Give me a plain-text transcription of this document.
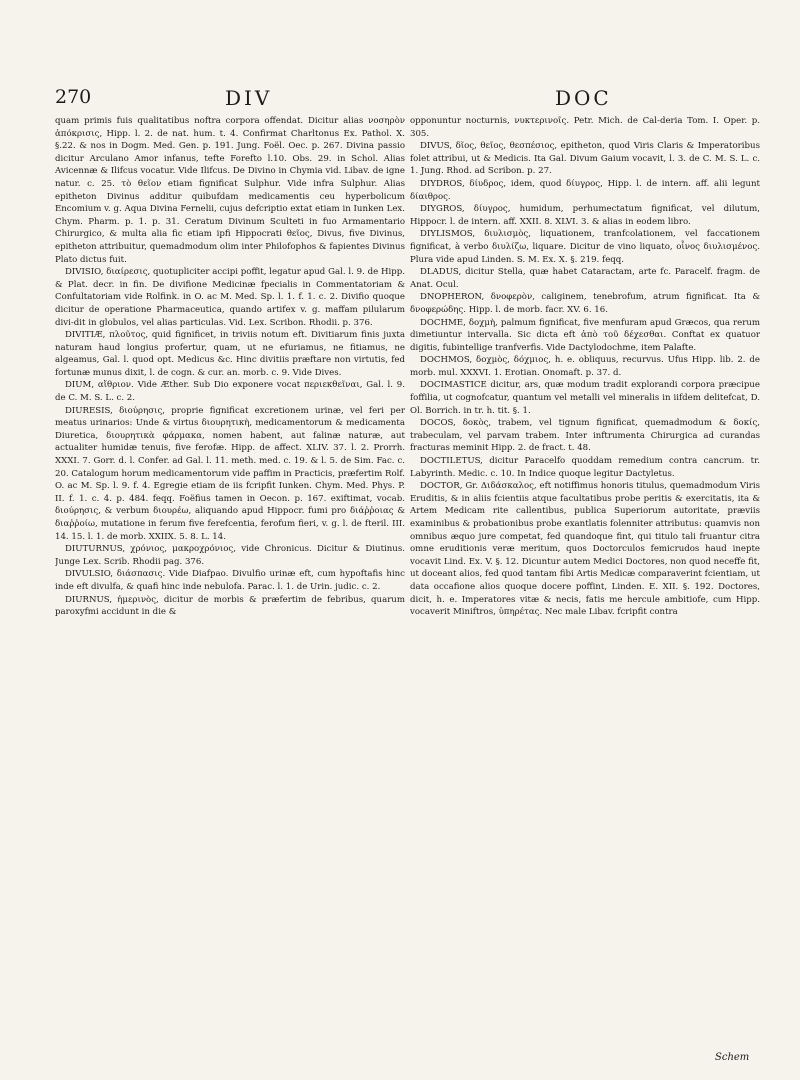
270	DIV	DOC

quam primis fuis qualitatibus noftra corpora offendat. Dicitur alias νοσηρὸν ἀπόκρισις, Hipp. l. 2. de nat. hum. t. 4. Confirmat Charltonus Ex. Pathol. X. §.22. & nos in Dogm. Med. Gen. p. 191. Jung. Foël. Oec. p. 267. Divina passio dicitur Arculano Amor infanus, tefte Forefto l.10. Obs. 29. in Schol. Alias Avicennæ & Ilifcus vocatur. Vide Ilifcus. De Divino in Chymia vid. Libav. de igne natur. c. 25. τὸ θεῖον etiam fignificat Sulphur. Vide infra Sulphur. Alias epitheton Divinus additur quibufdam medicamentis ceu hyperbolicum Encomium v. g. Aqua Divina Fernelii, cujus defcriptio extat etiam in Iunken Lex. Chym. Pharm. p. 1. p. 31. Ceratum Divinum Sculteti in fuo Armamentario Chirurgico, & multa alia fic etiam ipfi Hippocrati θεῖος, Divus, five Divinus, epitheton attribuitur, quemadmodum olim inter Philofophos & fapientes Divinus Plato dictus fuit.

DIVISIO, διαίρεσις, quotupliciter accipi poffit, legatur apud Gal. l. 9. de Hipp. & Plat. decr. in fin. De divifione Medicinæ fpecialis in Commentatoriam & Confultatoriam vide Rolfink. in O. ac M. Med. Sp. l. 1. f. 1. c. 2. Divifio quoque dicitur de operatione Pharmaceutica, quando artifex v. g. maffam pilularum divi-dit in globulos, vel alias particulas. Vid. Lex. Scribon. Rhodii. p. 376.

DIVITIÆ, πλοῦτος, quid fignificet, in triviis notum eft. Divitiarum finis juxta naturam haud longius profertur, quam, ut ne efuriamus, ne fitiamus, ne algeamus, Gal. l. quod opt. Medicus &c. Hinc divitiis præftare non virtutis, fed fortunæ munus dixit, l. de cogn. & cur. an. morb. c. 9. Vide Dives.

DIUM, αἴθριον. Vide Æther. Sub Dio exponere vocat περιεκθεῖναι, Gal. l. 9. de C. M. S. L. c. 2.

DIURESIS, διούρησις, proprie fignificat excretionem urinæ, vel feri per meatus urinarios: Unde & virtus διουρητικὴ, medicamentorum & medicamenta Diuretica, διουρητικὰ φάρμακα, nomen habent, aut falinæ naturæ, aut actualiter humidæ tenuis, five ferofæ. Hipp. de affect. XLIV. 37. l. 2. Prorrh. XXXI. 7. Gorr. d. l. Confer. ad Gal. l. 11. meth. med. c. 19. & l. 5. de Sim. Fac. c. 20. Catalogum horum medicamentorum vide paffim in Practicis, præfertim Rolf. O. ac M. Sp. l. 9. f. 4. Egregie etiam de iis fcripfit Iunken. Chym. Med. Phys. P. II. f. 1. c. 4. p. 484. feqq. Foëfius tamen in Oecon. p. 167. exiftimat, vocab. διούρησις, & verbum διουρέω, aliquando apud Hippocr. fumi pro διάῤῥοιας & διαῤῥοίω, mutatione in ferum five ferefcentia, ferofum fieri, v. g. l. de fteril. III. 14. 15. l. 1. de morb. XXIIX. 5. 8. L. 14.

DIUTURNUS, χρόνιος, μακροχρόνιος, vide Chronicus. Dicitur & Diutinus. Junge Lex. Scrib. Rhodii pag. 376.

DIVULSIO, διάσπασις. Vide Diafpao. Divulfio urinæ eft, cum hypoftafis hinc inde eft divulfa, & quafi hinc inde nebulofa. Parac. l. 1. de Urin. judic. c. 2.

DIURNUS, ἡμερινὸς, dicitur de morbis & præfertim de febribus, quarum paroxyfmi accidunt in die &

opponuntur nocturnis, νυκτερινοῖς. Petr. Mich. de Cal-deria Tom. I. Oper. p. 305.

DIVUS, δῖος, θεῖος, θεσπέσιος, epitheton, quod Viris Claris & Imperatoribus folet attribui, ut & Medicis. Ita Gal. Divum Gaium vocavit, l. 3. de C. M. S. L. c. 1. Jung. Rhod. ad Scribon. p. 27.

DIYDROS, δίυδρος, idem, quod δίυγρος, Hipp. l. de intern. aff. alii legunt δίαιθρος.

DIYGROS, δίυγρος, humidum, perhumectatum fignificat, vel dilutum, Hippocr. l. de intern. aff. XXII. 8. XLVI. 3. & alias in eodem libro.

DIYLISMOS, διυλισμὸς, liquationem, tranfcolationem, vel faccationem fignificat, à verbo διυλίζω, liquare. Dicitur de vino liquato, οἶνος διυλισμένος. Plura vide apud Linden. S. M. Ex. X. §. 219. feqq.

DLADUS, dicitur Stella, quæ habet Cataractam, arte fc. Paracelf. fragm. de Anat. Ocul.

DNOPHERON, δνοφερὸν, caliginem, tenebrofum, atrum fignificat. Ita & δνοφερώδης. Hipp. l. de morb. facr. XV. 6. 16.

DOCHME, δοχμὴ, palmum fignificat, five menfuram apud Græcos, qua rerum dimetiuntur intervalla. Sic dicta eft ἀπὸ τοῦ δέχεσθαι. Conftat ex quatuor digitis, fubintellige tranfverfis. Vide Dactylodochme, item Palafte.

DOCHMOS, δοχμὸς, δόχμιος, h. e. obliquus, recurvus. Ufus Hipp. lib. 2. de morb. mul. XXXVI. 1. Erotian. Onomaft. p. 37. d.

DOCIMASTICE dicitur, ars, quæ modum tradit explorandi corpora præcipue foffilia, ut cognofcatur, quantum vel metalli vel mineralis in iifdem delitefcat, D. Ol. Borrich. in tr. h. tit. §. 1.

DOCOS, δοκὸς, trabem, vel tignum fignificat, quemadmodum & δοκίς, trabeculam, vel parvam trabem. Inter inftrumenta Chirurgica ad curandas fracturas meminit Hipp. 2. de fract. t. 48.

DOCTILETUS, dicitur Paracelfo quoddam remedium contra cancrum. tr. Labyrinth. Medic. c. 10. In Indice quoque legitur Dactyletus.

DOCTOR, Gr. Διδάσκαλος, eft notiffimus honoris titulus, quemadmodum Viris Eruditis, & in aliis fcientiis atque facultatibus probe peritis & exercitatis, ita & Artem Medicam rite callentibus, publica Superiorum autoritate, præviis examinibus & probationibus probe exantlatis folenniter attributus: quamvis non omnibus æquo jure competat, fed quandoque fint, qui titulo tali fruantur citra omne eruditionis veræ meritum, quos Doctorculos femicrudos haud inepte vocavit Lind. Ex. V. §. 12. Dicuntur autem Medici Doctores, non quod neceffe fit, ut doceant alios, fed quod tantam fibi Artis Medicæ comparaverint fcientiam, ut data occafione alios quoque docere poffint, Linden. E. XII. §. 192. Doctores, dicit, h. e. Imperatores vitæ & necis, fatis me hercule ambitiofe, cum Hipp. vocaverit Miniftros, ὑπηρέτας. Nec male Libav. fcripfit contra

Schem
